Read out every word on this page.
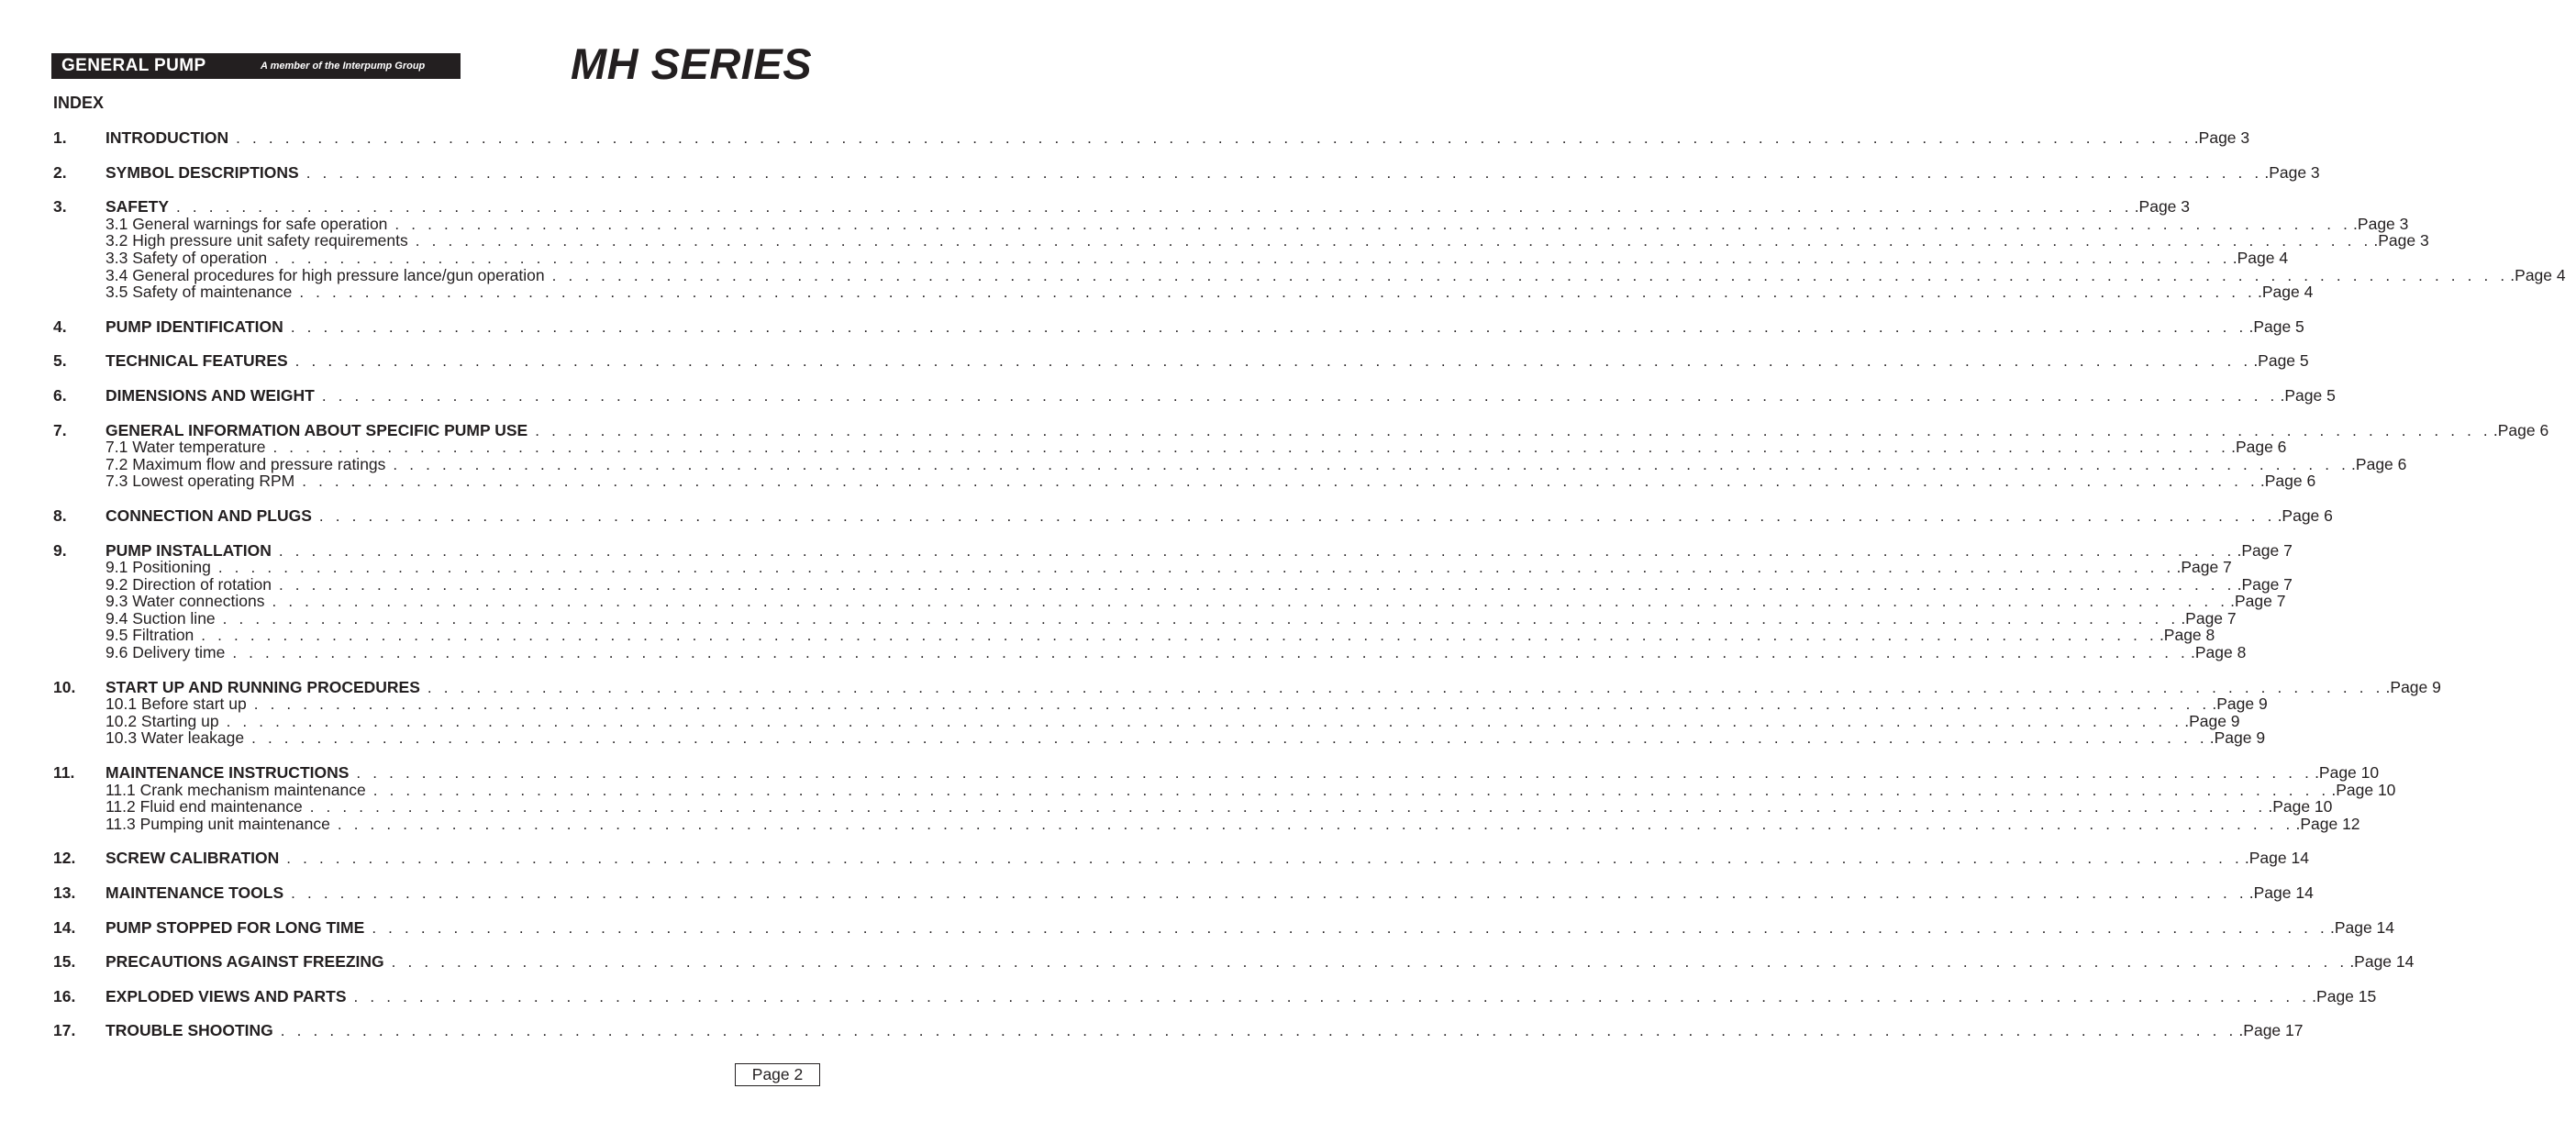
GENERAL PUMP	A member of the Interpump Group	MH SERIES
INDEX
1.	INTRODUCTION . . . . . . . . . . . . . . . . . . . . . . . . . . . . . . . . . . . . . . . . . . . . . . . . . . . . . . . . . . . . . . . . . . . . . . . . . . . . . . . . . . . . . . . . . . . . . . . . . . . . . . . . . . . . . . . . . . . . . . . . .Page 3
2.	SYMBOL DESCRIPTIONS . . . . . . . . . . . . . . . . . . . . . . . . . . . . . . . . . . . . . . . . . . . . . . . . . . . . . . . . . . . . . . . . . . . . . . . . . . . . . . . . . . . . . . . . . . . . . . . . . . . . . . . . . . . . . . . . . . . . . . . . .Page 3
3.	SAFETY . . . . . . . . . . . . . . . . . . . . . . . . . . . . . . . . . . . . . . . . . . . . . . . . . . . . . . . . . . . . . . . . . . . . . . . . . . . . . . . . . . . . . . . . . . . . . . . . . . . . . . . . . . . . . . . . . . . . . . . . .Page 3
3.1 General warnings for safe operation . . . . . . . . . . . . . . . . . . . . . . . . . . . . . . . . . . . . . . . . . . . . . . . . . . . . . . . . . . . . . . . . . . . . . . . . . . . . . . . . . . . . . . . . . . . . . . . . . . . . . . . . . . . . . . . . . . . . . . . . .Page 3
3.2 High pressure unit safety requirements . . . . . . . . . . . . . . . . . . . . . . . . . . . . . . . . . . . . . . . . . . . . . . . . . . . . . . . . . . . . . . . . . . . . . . . . . . . . . . . . . . . . . . . . . . . . . . . . . . . . . . . . . . . . . . . . . . . . . . . . .Page 3
3.3 Safety of operation . . . . . . . . . . . . . . . . . . . . . . . . . . . . . . . . . . . . . . . . . . . . . . . . . . . . . . . . . . . . . . . . . . . . . . . . . . . . . . . . . . . . . . . . . . . . . . . . . . . . . . . . . . . . . . . . . . . . . . . . .Page 4
3.4 General procedures for high pressure lance/gun operation . . . . . . . . . . . . . . . . . . . . . . . . . . . . . . . . . . . . . . . . . . . . . . . . . . . . . . . . . . . . . . . . . . . . . . . . . . . . . . . . . . . . . . . . . . . . . . . . . . . . . . . . . . . . . . . . . . . . . . . . .Page 4
3.5 Safety of maintenance . . . . . . . . . . . . . . . . . . . . . . . . . . . . . . . . . . . . . . . . . . . . . . . . . . . . . . . . . . . . . . . . . . . . . . . . . . . . . . . . . . . . . . . . . . . . . . . . . . . . . . . . . . . . . . . . . . . . . . . . .Page 4
4.	PUMP IDENTIFICATION . . . . . . . . . . . . . . . . . . . . . . . . . . . . . . . . . . . . . . . . . . . . . . . . . . . . . . . . . . . . . . . . . . . . . . . . . . . . . . . . . . . . . . . . . . . . . . . . . . . . . . . . . . . . . . . . . . . . . . . . .Page 5
5.	TECHNICAL FEATURES . . . . . . . . . . . . . . . . . . . . . . . . . . . . . . . . . . . . . . . . . . . . . . . . . . . . . . . . . . . . . . . . . . . . . . . . . . . . . . . . . . . . . . . . . . . . . . . . . . . . . . . . . . . . . . . . . . . . . . . . .Page 5
6.	DIMENSIONS AND WEIGHT . . . . . . . . . . . . . . . . . . . . . . . . . . . . . . . . . . . . . . . . . . . . . . . . . . . . . . . . . . . . . . . . . . . . . . . . . . . . . . . . . . . . . . . . . . . . . . . . . . . . . . . . . . . . . . . . . . . . . . . . .Page 5
7.	GENERAL INFORMATION ABOUT SPECIFIC PUMP USE . . . . . . . . . . . . . . . . . . . . . . . . . . . . . . . . . . . . . . . . . . . . . . . . . . . . . . . . . . . . . . . . . . . . . . . . . . . . . . . . . . . . . . . . . . . . . . . . . . . . . . . . . . . . . . . . . . . . . . . . .Page 6
7.1 Water temperature . . . . . . . . . . . . . . . . . . . . . . . . . . . . . . . . . . . . . . . . . . . . . . . . . . . . . . . . . . . . . . . . . . . . . . . . . . . . . . . . . . . . . . . . . . . . . . . . . . . . . . . . . . . . . . . . . . . . . . . . .Page 6
7.2 Maximum flow and pressure ratings . . . . . . . . . . . . . . . . . . . . . . . . . . . . . . . . . . . . . . . . . . . . . . . . . . . . . . . . . . . . . . . . . . . . . . . . . . . . . . . . . . . . . . . . . . . . . . . . . . . . . . . . . . . . . . . . . . . . . . . . .Page 6
7.3 Lowest operating RPM . . . . . . . . . . . . . . . . . . . . . . . . . . . . . . . . . . . . . . . . . . . . . . . . . . . . . . . . . . . . . . . . . . . . . . . . . . . . . . . . . . . . . . . . . . . . . . . . . . . . . . . . . . . . . . . . . . . . . . . . .Page 6
8.	CONNECTION AND PLUGS . . . . . . . . . . . . . . . . . . . . . . . . . . . . . . . . . . . . . . . . . . . . . . . . . . . . . . . . . . . . . . . . . . . . . . . . . . . . . . . . . . . . . . . . . . . . . . . . . . . . . . . . . . . . . . . . . . . . . . . . .Page 6
9.	PUMP INSTALLATION . . . . . . . . . . . . . . . . . . . . . . . . . . . . . . . . . . . . . . . . . . . . . . . . . . . . . . . . . . . . . . . . . . . . . . . . . . . . . . . . . . . . . . . . . . . . . . . . . . . . . . . . . . . . . . . . . . . . . . . . .Page 7
9.1 Positioning . . . . . . . . . . . . . . . . . . . . . . . . . . . . . . . . . . . . . . . . . . . . . . . . . . . . . . . . . . . . . . . . . . . . . . . . . . . . . . . . . . . . . . . . . . . . . . . . . . . . . . . . . . . . . . . . . . . . . . . . .Page 7
9.2 Direction of rotation . . . . . . . . . . . . . . . . . . . . . . . . . . . . . . . . . . . . . . . . . . . . . . . . . . . . . . . . . . . . . . . . . . . . . . . . . . . . . . . . . . . . . . . . . . . . . . . . . . . . . . . . . . . . . . . . . . . . . . . . .Page 7
9.3 Water connections . . . . . . . . . . . . . . . . . . . . . . . . . . . . . . . . . . . . . . . . . . . . . . . . . . . . . . . . . . . . . . . . . . . . . . . . . . . . . . . . . . . . . . . . . . . . . . . . . . . . . . . . . . . . . . . . . . . . . . . . .Page 7
9.4 Suction line . . . . . . . . . . . . . . . . . . . . . . . . . . . . . . . . . . . . . . . . . . . . . . . . . . . . . . . . . . . . . . . . . . . . . . . . . . . . . . . . . . . . . . . . . . . . . . . . . . . . . . . . . . . . . . . . . . . . . . . . .Page 7
9.5 Filtration . . . . . . . . . . . . . . . . . . . . . . . . . . . . . . . . . . . . . . . . . . . . . . . . . . . . . . . . . . . . . . . . . . . . . . . . . . . . . . . . . . . . . . . . . . . . . . . . . . . . . . . . . . . . . . . . . . . . . . . . .Page 8
9.6 Delivery time . . . . . . . . . . . . . . . . . . . . . . . . . . . . . . . . . . . . . . . . . . . . . . . . . . . . . . . . . . . . . . . . . . . . . . . . . . . . . . . . . . . . . . . . . . . . . . . . . . . . . . . . . . . . . . . . . . . . . . . . .Page 8
10.	START UP AND RUNNING PROCEDURES . . . . . . . . . . . . . . . . . . . . . . . . . . . . . . . . . . . . . . . . . . . . . . . . . . . . . . . . . . . . . . . . . . . . . . . . . . . . . . . . . . . . . . . . . . . . . . . . . . . . . . . . . . . . . . . . . . . . . . . . .Page 9
10.1 Before start up . . . . . . . . . . . . . . . . . . . . . . . . . . . . . . . . . . . . . . . . . . . . . . . . . . . . . . . . . . . . . . . . . . . . . . . . . . . . . . . . . . . . . . . . . . . . . . . . . . . . . . . . . . . . . . . . . . . . . . . . .Page 9
10.2 Starting up . . . . . . . . . . . . . . . . . . . . . . . . . . . . . . . . . . . . . . . . . . . . . . . . . . . . . . . . . . . . . . . . . . . . . . . . . . . . . . . . . . . . . . . . . . . . . . . . . . . . . . . . . . . . . . . . . . . . . . . . .Page 9
10.3 Water leakage . . . . . . . . . . . . . . . . . . . . . . . . . . . . . . . . . . . . . . . . . . . . . . . . . . . . . . . . . . . . . . . . . . . . . . . . . . . . . . . . . . . . . . . . . . . . . . . . . . . . . . . . . . . . . . . . . . . . . . . . .Page 9
11.	MAINTENANCE INSTRUCTIONS . . . . . . . . . . . . . . . . . . . . . . . . . . . . . . . . . . . . . . . . . . . . . . . . . . . . . . . . . . . . . . . . . . . . . . . . . . . . . . . . . . . . . . . . . . . . . . . . . . . . . . . . . . . . . . . . . . . . . . . . .Page 10
11.1 Crank mechanism maintenance . . . . . . . . . . . . . . . . . . . . . . . . . . . . . . . . . . . . . . . . . . . . . . . . . . . . . . . . . . . . . . . . . . . . . . . . . . . . . . . . . . . . . . . . . . . . . . . . . . . . . . . . . . . . . . . . . . . . . . . . .Page 10
11.2 Fluid end maintenance . . . . . . . . . . . . . . . . . . . . . . . . . . . . . . . . . . . . . . . . . . . . . . . . . . . . . . . . . . . . . . . . . . . . . . . . . . . . . . . . . . . . . . . . . . . . . . . . . . . . . . . . . . . . . . . . . . . . . . . . .Page 10
11.3 Pumping unit maintenance . . . . . . . . . . . . . . . . . . . . . . . . . . . . . . . . . . . . . . . . . . . . . . . . . . . . . . . . . . . . . . . . . . . . . . . . . . . . . . . . . . . . . . . . . . . . . . . . . . . . . . . . . . . . . . . . . . . . . . . . .Page 12
12.	SCREW CALIBRATION . . . . . . . . . . . . . . . . . . . . . . . . . . . . . . . . . . . . . . . . . . . . . . . . . . . . . . . . . . . . . . . . . . . . . . . . . . . . . . . . . . . . . . . . . . . . . . . . . . . . . . . . . . . . . . . . . . . . . . . . .Page 14
13.	MAINTENANCE TOOLS . . . . . . . . . . . . . . . . . . . . . . . . . . . . . . . . . . . . . . . . . . . . . . . . . . . . . . . . . . . . . . . . . . . . . . . . . . . . . . . . . . . . . . . . . . . . . . . . . . . . . . . . . . . . . . . . . . . . . . . . .Page 14
14.	PUMP STOPPED FOR LONG TIME . . . . . . . . . . . . . . . . . . . . . . . . . . . . . . . . . . . . . . . . . . . . . . . . . . . . . . . . . . . . . . . . . . . . . . . . . . . . . . . . . . . . . . . . . . . . . . . . . . . . . . . . . . . . . . . . . . . . . . . . .Page 14
15.	PRECAUTIONS AGAINST FREEZING . . . . . . . . . . . . . . . . . . . . . . . . . . . . . . . . . . . . . . . . . . . . . . . . . . . . . . . . . . . . . . . . . . . . . . . . . . . . . . . . . . . . . . . . . . . . . . . . . . . . . . . . . . . . . . . . . . . . . . . . .Page 14
16.	EXPLODED VIEWS AND PARTS . . . . . . . . . . . . . . . . . . . . . . . . . . . . . . . . . . . . . . . . . . . . . . . . . . . . . . . . . . . . . . . . . . . . . . . . . . . . . . . . . . . . . . . . . . . . . . . . . . . . . . . . . . . . . . . . . . . . . . . . .Page 15
17.	TROUBLE SHOOTING . . . . . . . . . . . . . . . . . . . . . . . . . . . . . . . . . . . . . . . . . . . . . . . . . . . . . . . . . . . . . . . . . . . . . . . . . . . . . . . . . . . . . . . . . . . . . . . . . . . . . . . . . . . . . . . . . . . . . . . . .Page 17
Page 2
